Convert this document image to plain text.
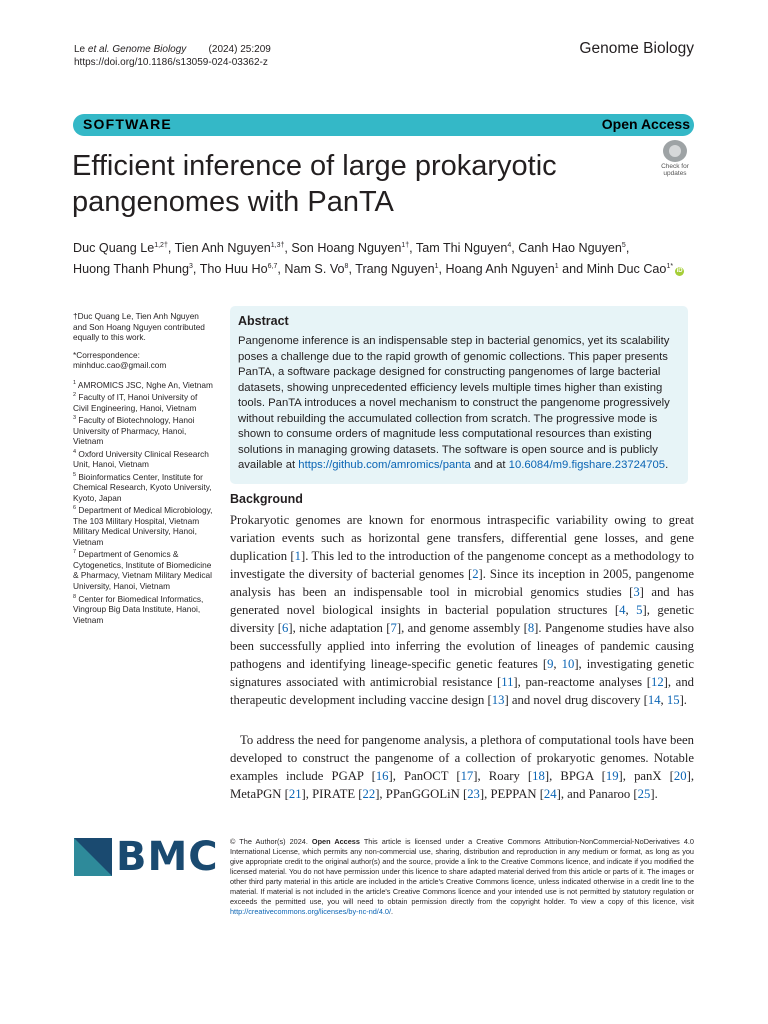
Le et al. Genome Biology (2024) 25:209
https://doi.org/10.1186/s13059-024-03362-z
Genome Biology
SOFTWARE	Open Access
Efficient inference of large prokaryotic pangenomes with PanTA
Check for
updates
Duc Quang $Le^{1,2\dagger}$, Tien Anh Nguyen$^{1,3\dagger}$, Son Hoang Nguyen$^{1\dagger}$, Tam Thi Nguyen$^4$, Canh Hao Nguyen$^5$,
Huong Thanh Phung$^3$, Tho Huu Ho$^{6,7}$, Nam S. Vo$^8$, Trang Nguyen$^1$, Hoang Anh Nguyen$^1$ and Minh Duc Cao$^{1*}$iD

†Duc Quang Le, Tien Anh Nguyen and Son Hoang Nguyen contributed equally to this work.

*Correspondence:
minhduc.cao@gmail.com

$^1$ AMROMICS JSC, Nghe An, Vietnam
$^2$ Faculty of IT, Hanoi University of Civil Engineering, Hanoi, Vietnam
$^3$ Faculty of Biotechnology, Hanoi University of Pharmacy, Hanoi, Vietnam
$^4$ Oxford University Clinical Research Unit, Hanoi, Vietnam
$^5$ Bioinformatics Center, Institute for Chemical Research, Kyoto University, Kyoto, Japan
$^6$ Department of Medical Microbiology, The 103 Military Hospital, Vietnam Military Medical University, Hanoi, Vietnam
$^7$ Department of Genomics & Cytogenetics, Institute of Biomedicine & Pharmacy, Vietnam Military Medical University, Hanoi, Vietnam
$^8$ Center for Biomedical Informatics, Vingroup Big Data Institute, Hanoi, Vietnam
Abstract
Pangenome inference is an indispensable step in bacterial genomics, yet its scalability poses a challenge due to the rapid growth of genomic collections. This paper presents PanTA, a software package designed for constructing pangenomes of large bacterial datasets, showing unprecedented efficiency levels multiple times higher than existing tools. PanTA introduces a novel mechanism to construct the pangenome progressively without rebuilding the accumulated collection from scratch. The progressive mode is shown to consume orders of magnitude less computational resources than existing solutions in managing growing datasets. The software is open source and is publicly available at https://github.com/amromics/panta and at 10.6084/m9.figshare.23724705.
Background
Prokaryotic genomes are known for enormous intraspecific variability owing to great variation events such as horizontal gene transfers, differential gene losses, and gene duplication [1]. This led to the introduction of the pangenome concept as a methodology to investigate the diversity of bacterial genomes [2]. Since its inception in 2005, pangenome analysis has been an indispensable tool in microbial genomics studies [3] and has generated novel biological insights in bacterial population structures [4, 5], genetic diversity [6], niche adaptation [7], and genome assembly [8]. Pangenome studies have also been successfully applied into inferring the evolution of lineages of pandemic causing pathogens and identifying lineage-specific genetic features [9, 10], investigating genetic signatures associated with antimicrobial resistance [11], pan-reactome analyses [12], and therapeutic development including vaccine design [13] and novel drug discovery [14, 15].
To address the need for pangenome analysis, a plethora of computational tools have been developed to construct the pangenome of a collection of prokaryotic genomes. Notable examples include PGAP [16], PanOCT [17], Roary [18], BPGA [19], panX [20], MetaPGN [21], PIRATE [22], PPanGGOLiN [23], PEPPAN [24], and Panaroo [25].
BMC © The Author(s) 2024. Open Access This article is licensed under a Creative Commons Attribution-NonCommercial-NoDerivatives 4.0 International License, which permits any non-commercial use, sharing, distribution and reproduction in any medium or format, as long as you give appropriate credit to the original author(s) and the source, provide a link to the Creative Commons licence, and indicate if you modified the licensed material. You do not have permission under this licence to share adapted material derived from this article or parts of it. The images or other third party material in this article are included in the article's Creative Commons licence, unless indicated otherwise in a credit line to the material. If material is not included in the article's Creative Commons licence and your intended use is not permitted by statutory regulation or exceeds the permitted use, you will need to obtain permission directly from the copyright holder. To view a copy of this licence, visit http://creativecommons.org/licenses/by-nc-nd/4.0/.
